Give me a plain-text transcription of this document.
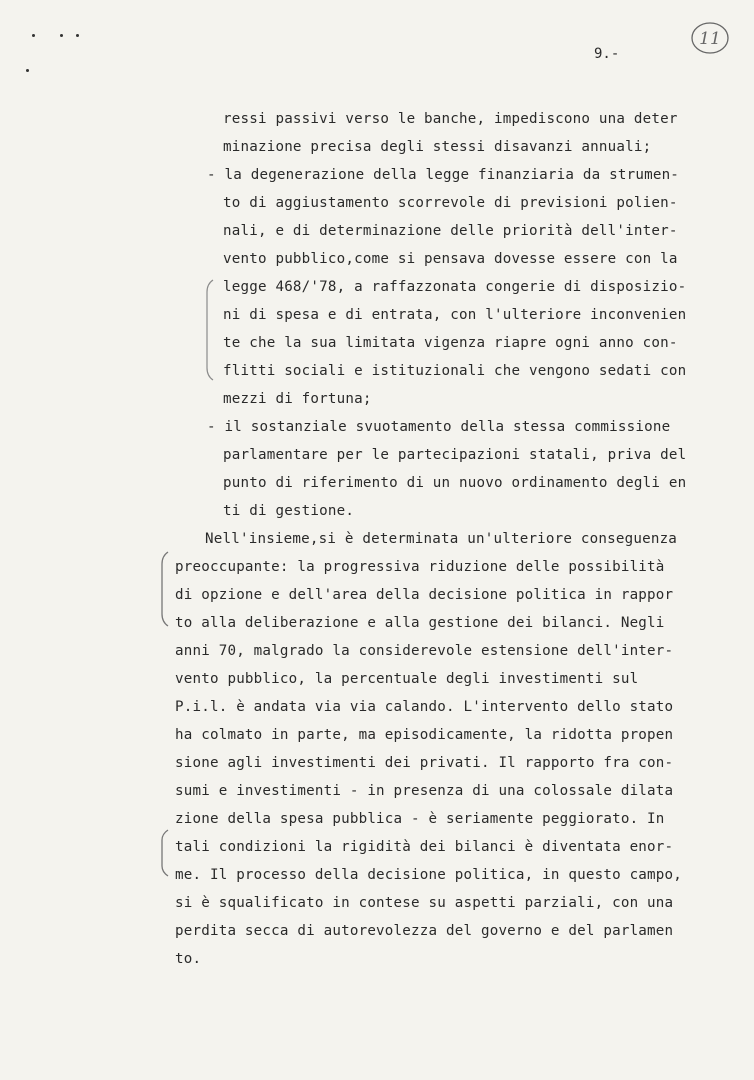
11
9.-
ressi passivi verso le banche, impediscono una deter
minazione precisa degli stessi disavanzi annuali;
- la degenerazione della legge finanziaria da strumen-
to di aggiustamento scorrevole di previsioni polien-
nali, e di determinazione delle priorità dell'inter-
vento pubblico,come si pensava dovesse essere con la
legge 468/'78, a raffazzonata congerie di disposizio-
ni di spesa e di entrata, con l'ulteriore inconvenien
te che la sua limitata vigenza riapre ogni anno con-
flitti sociali e istituzionali che vengono sedati con
mezzi di fortuna;
- il sostanziale svuotamento della stessa commissione
parlamentare per le partecipazioni statali, priva del
punto di riferimento di un nuovo ordinamento degli en
ti di gestione.
Nell'insieme,si è determinata un'ulteriore conseguenza
preoccupante: la progressiva riduzione delle possibilità
di opzione e dell'area della decisione politica in rappor
to alla deliberazione e alla gestione dei bilanci. Negli
anni 70, malgrado la considerevole estensione dell'inter-
vento pubblico, la percentuale degli investimenti sul
P.i.l. è andata via via calando. L'intervento dello stato
ha colmato in parte, ma episodicamente, la ridotta propen
sione agli investimenti dei privati. Il rapporto fra con-
sumi e investimenti - in presenza di una colossale dilata
zione della spesa pubblica - è seriamente peggiorato. In
tali condizioni la rigidità dei bilanci è diventata enor-
me. Il processo della decisione politica, in questo campo,
si è squalificato in contese su aspetti parziali, con una
perdita secca di autorevolezza del governo e del parlamen
to.
